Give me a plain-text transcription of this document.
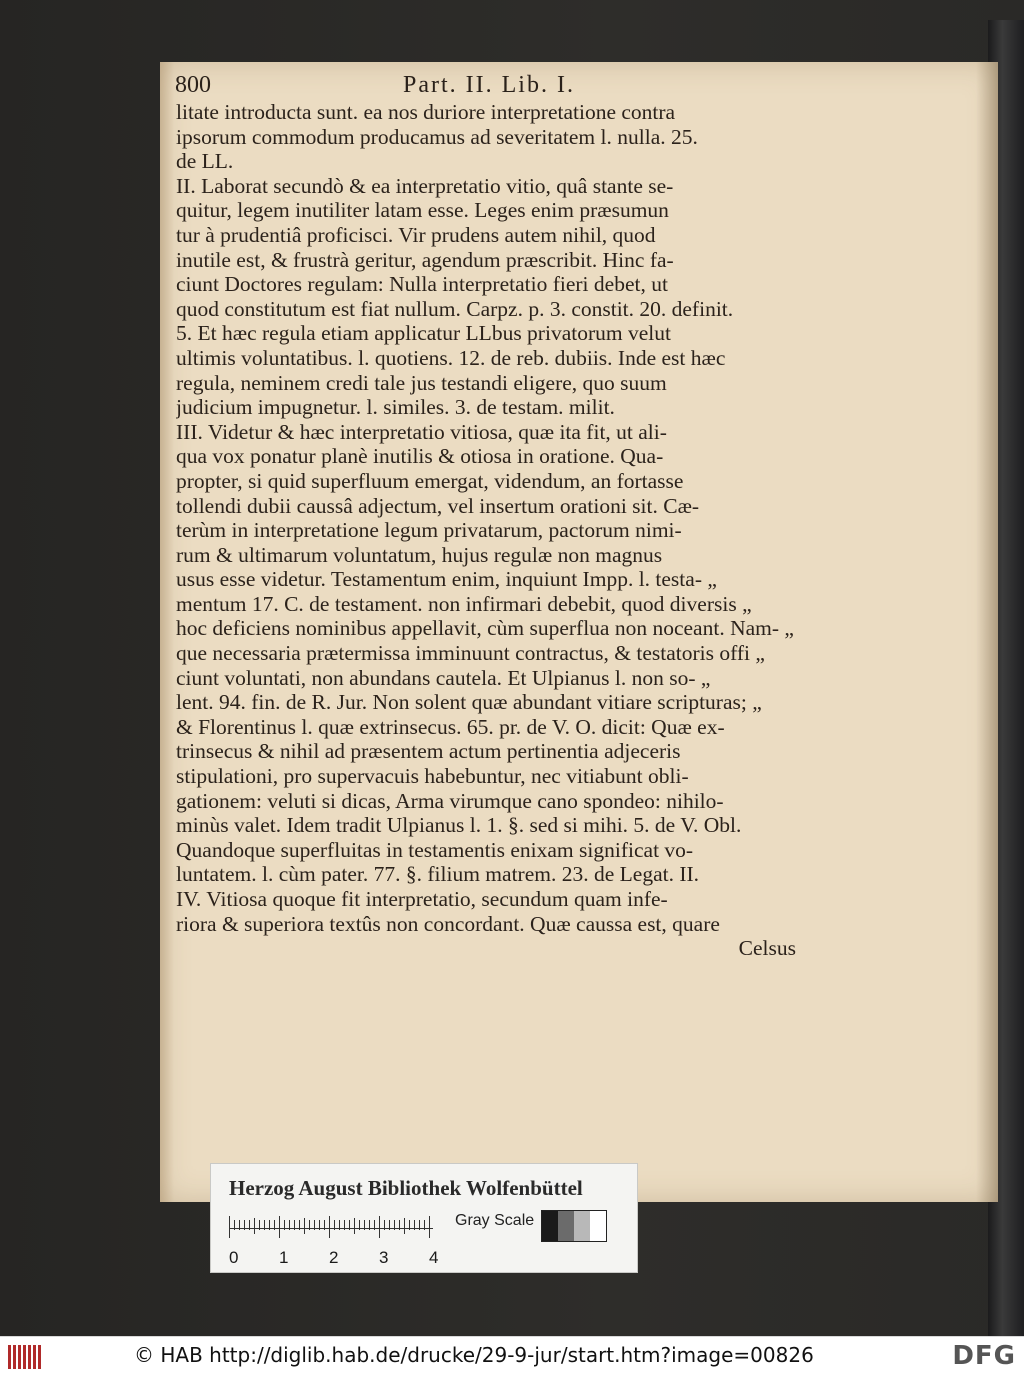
800	Part. II. Lib. I.
litate introducta sunt. ea nos duriore interpretatione contra
ipsorum commodum producamus ad severitatem l. nulla. 25.
de LL.
II. Laborat secundò & ea interpretatio vitio, quâ stante se-
quitur, legem inutiliter latam esse. Leges enim præsumun
tur à prudentiâ proficisci. Vir prudens autem nihil, quod
inutile est, & frustrà geritur, agendum præscribit. Hinc fa-
ciunt Doctores regulam: Nulla interpretatio fieri debet, ut
quod constitutum est fiat nullum. Carpz. p. 3. constit. 20. definit.
5. Et hæc regula etiam applicatur LLbus privatorum velut
ultimis voluntatibus. l. quotiens. 12. de reb. dubiis. Inde est hæc
regula, neminem credi tale jus testandi eligere, quo suum
judicium impugnetur. l. similes. 3. de testam. milit.
III. Videtur & hæc interpretatio vitiosa, quæ ita fit, ut ali-
qua vox ponatur planè inutilis & otiosa in oratione. Qua-
propter, si quid superfluum emergat, videndum, an fortasse
tollendi dubii caussâ adjectum, vel insertum orationi sit. Cæ-
terùm in interpretatione legum privatarum, pactorum nimi-
rum & ultimarum voluntatum, hujus regulæ non magnus
usus esse videtur. Testamentum enim, inquiunt Impp. l. testa- „
mentum 17. C. de testament. non infirmari debebit, quod diversis „
hoc deficiens nominibus appellavit, cùm superflua non noceant. Nam- „
que necessaria prætermissa imminuunt contractus, & testatoris offi „
ciunt voluntati, non abundans cautela. Et Ulpianus l. non so- „
lent. 94. fin. de R. Jur. Non solent quæ abundant vitiare scripturas; „
& Florentinus l. quæ extrinsecus. 65. pr. de V. O. dicit: Quæ ex-
trinsecus & nihil ad præsentem actum pertinentia adjeceris
stipulationi, pro supervacuis habebuntur, nec vitiabunt obli-
gationem: veluti si dicas, Arma virumque cano spondeo: nihilo-
minùs valet. Idem tradit Ulpianus l. 1. §. sed si mihi. 5. de V. Obl.
Quandoque superfluitas in testamentis enixam significat vo-
luntatem. l. cùm pater. 77. §. filium matrem. 23. de Legat. II.
IV. Vitiosa quoque fit interpretatio, secundum quam infe-
riora & superiora textûs non concordant. Quæ caussa est, quare
Celsus
Herzog August Bibliothek Wolfenbüttel
0 1 2 3 4
Gray Scale
© HAB http://diglib.hab.de/drucke/29-9-jur/start.htm?image=00826	DFG
